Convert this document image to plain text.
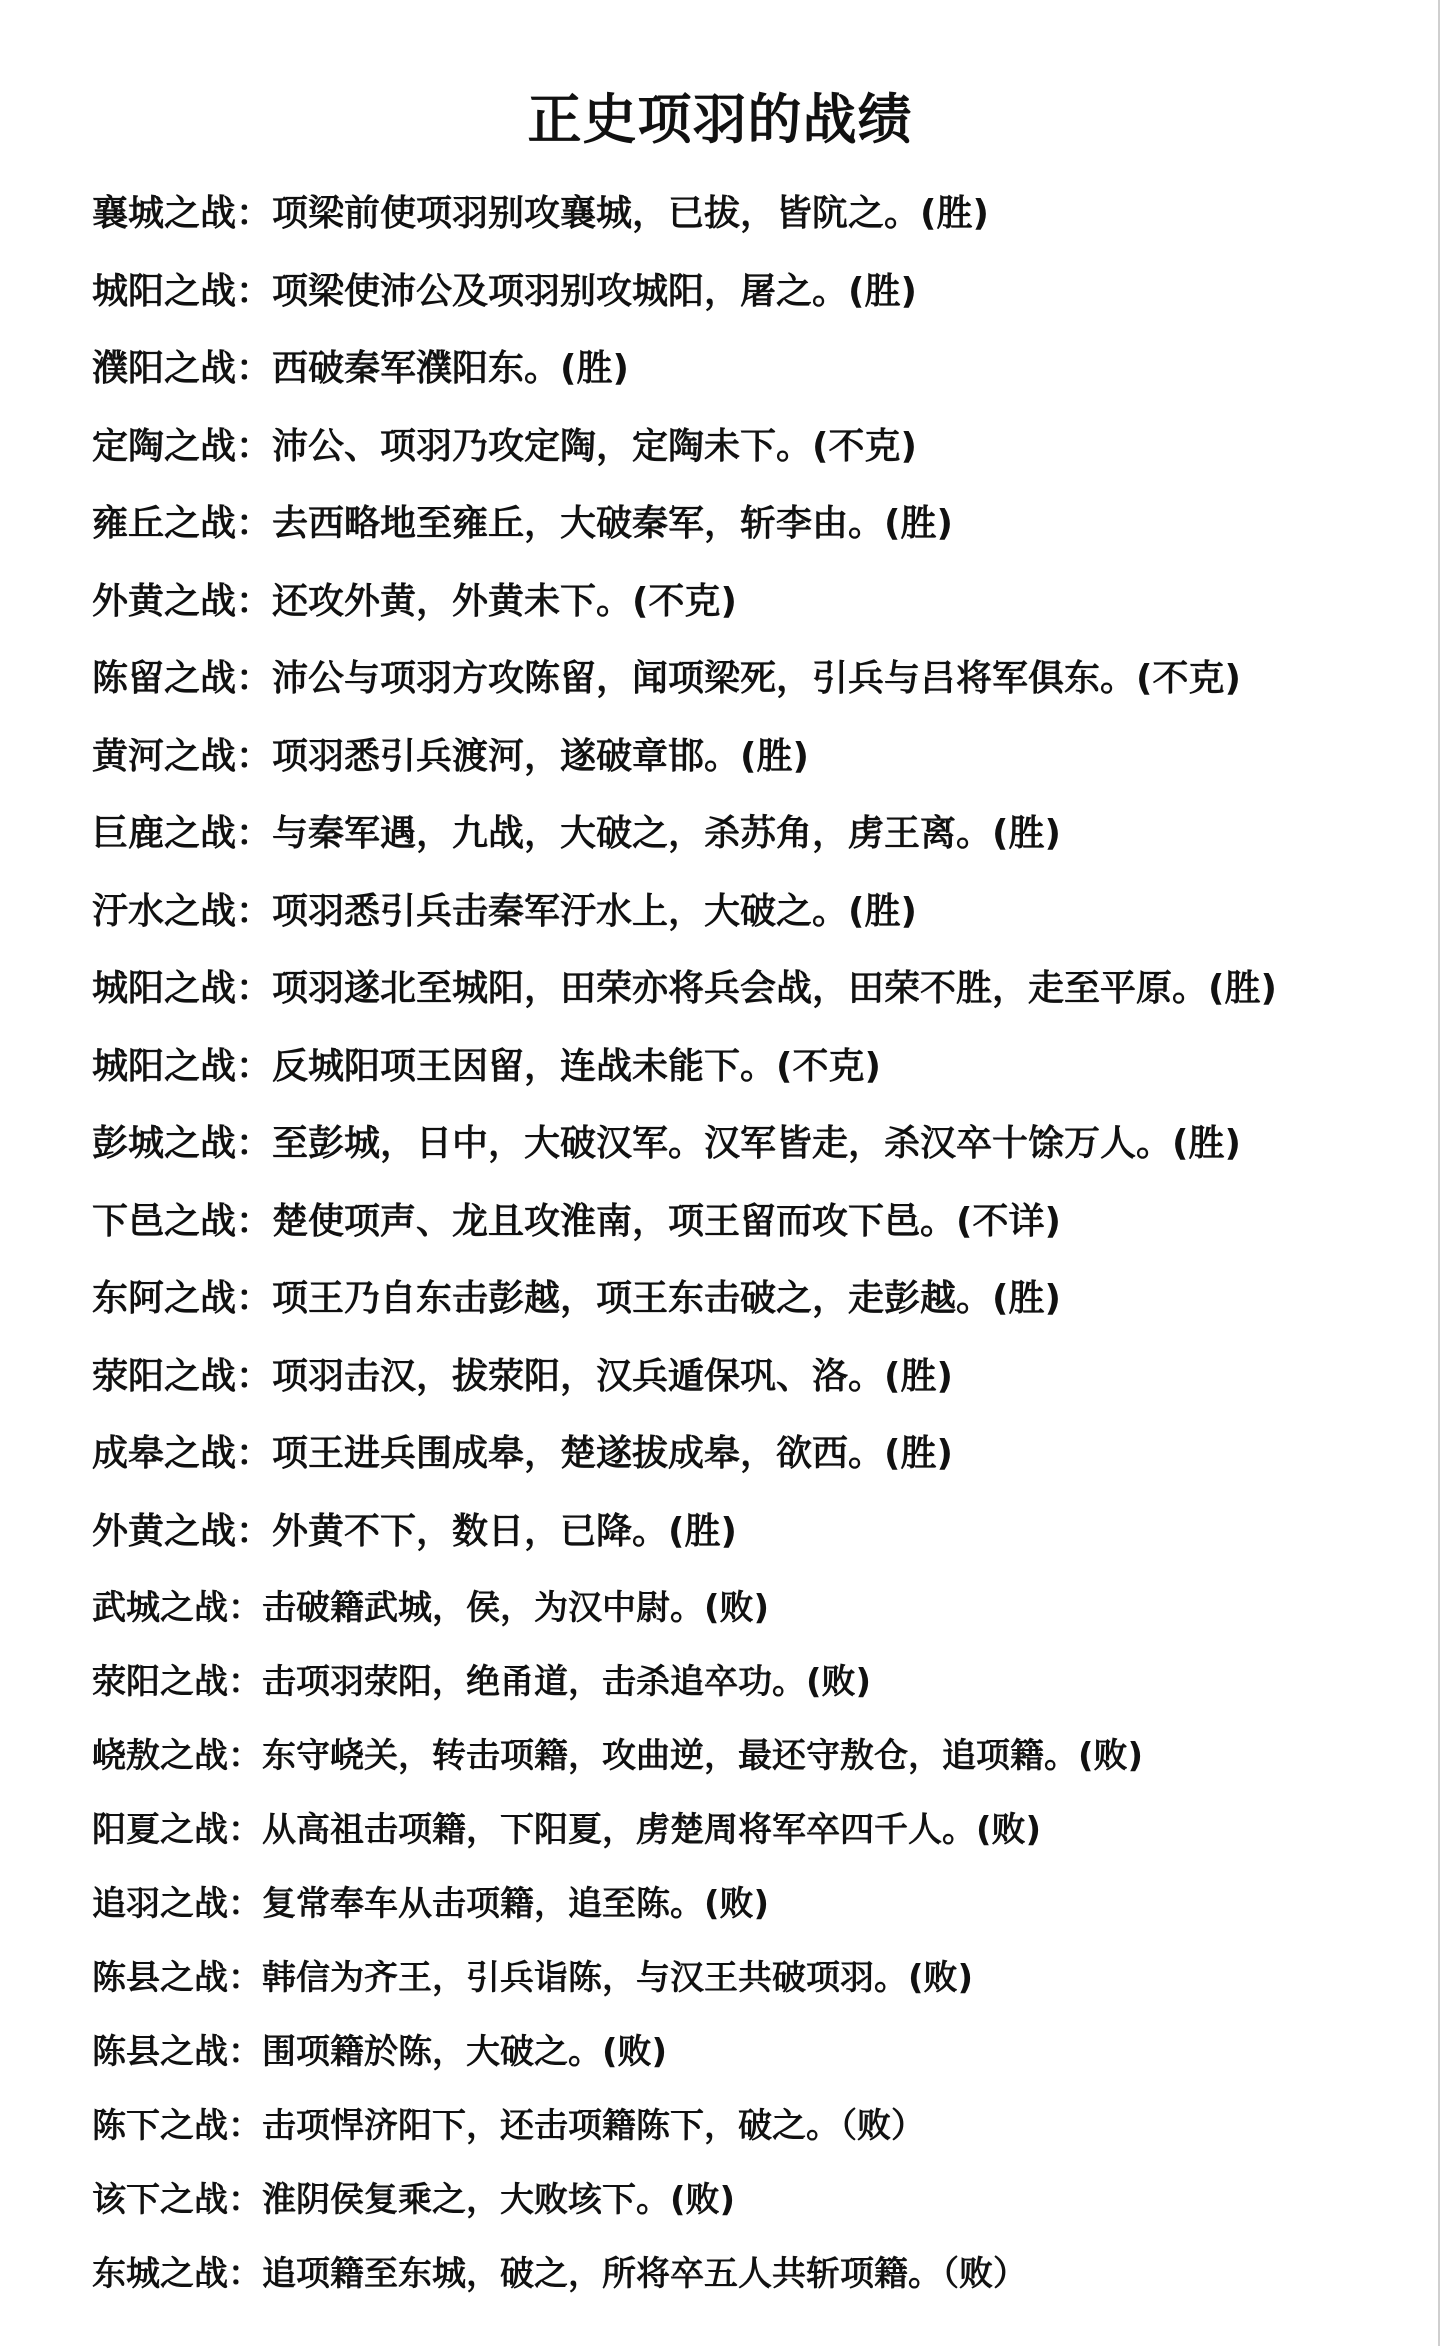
正史项羽的战绩
襄城之战：项梁前使项羽别攻襄城，已拔，皆阬之。(胜)
城阳之战：项梁使沛公及项羽别攻城阳，屠之。(胜)
濮阳之战：西破秦军濮阳东。(胜)
定陶之战：沛公、项羽乃攻定陶，定陶未下。(不克)
雍丘之战：去西略地至雍丘，大破秦军，斩李由。(胜)
外黄之战：还攻外黄，外黄未下。(不克)
陈留之战：沛公与项羽方攻陈留，闻项梁死，引兵与吕将军俱东。(不克)
黄河之战：项羽悉引兵渡河，遂破章邯。(胜)
巨鹿之战：与秦军遇，九战，大破之，杀苏角，虏王离。(胜)
汙水之战：项羽悉引兵击秦军汙水上，大破之。(胜)
城阳之战：项羽遂北至城阳，田荣亦将兵会战，田荣不胜，走至平原。(胜)
城阳之战：反城阳项王因留，连战未能下。(不克)
彭城之战：至彭城，日中，大破汉军。汉军皆走，杀汉卒十馀万人。(胜)
下邑之战：楚使项声、龙且攻淮南，项王留而攻下邑。(不详)
东阿之战：项王乃自东击彭越，项王东击破之，走彭越。(胜)
荥阳之战：项羽击汉，拔荥阳，汉兵遁保巩、洛。(胜)
成皋之战：项王进兵围成皋，楚遂拔成皋，欲西。(胜)
外黄之战：外黄不下，数日，已降。(胜)
武城之战：击破籍武城，侯，为汉中尉。(败)
荥阳之战：击项羽荥阳，绝甬道，击杀追卒功。(败)
峣敖之战：东守峣关，转击项籍，攻曲逆，最还守敖仓，追项籍。(败)
阳夏之战：从高祖击项籍，下阳夏，虏楚周将军卒四千人。(败)
追羽之战：复常奉车从击项籍，追至陈。(败)
陈县之战：韩信为齐王，引兵诣陈，与汉王共破项羽。(败)
陈县之战：围项籍於陈，大破之。(败)
陈下之战：击项悍济阳下，还击项籍陈下，破之。（败）
该下之战：淮阴侯复乘之，大败垓下。(败)
东城之战：追项籍至东城，破之，所将卒五人共斩项籍。（败）
